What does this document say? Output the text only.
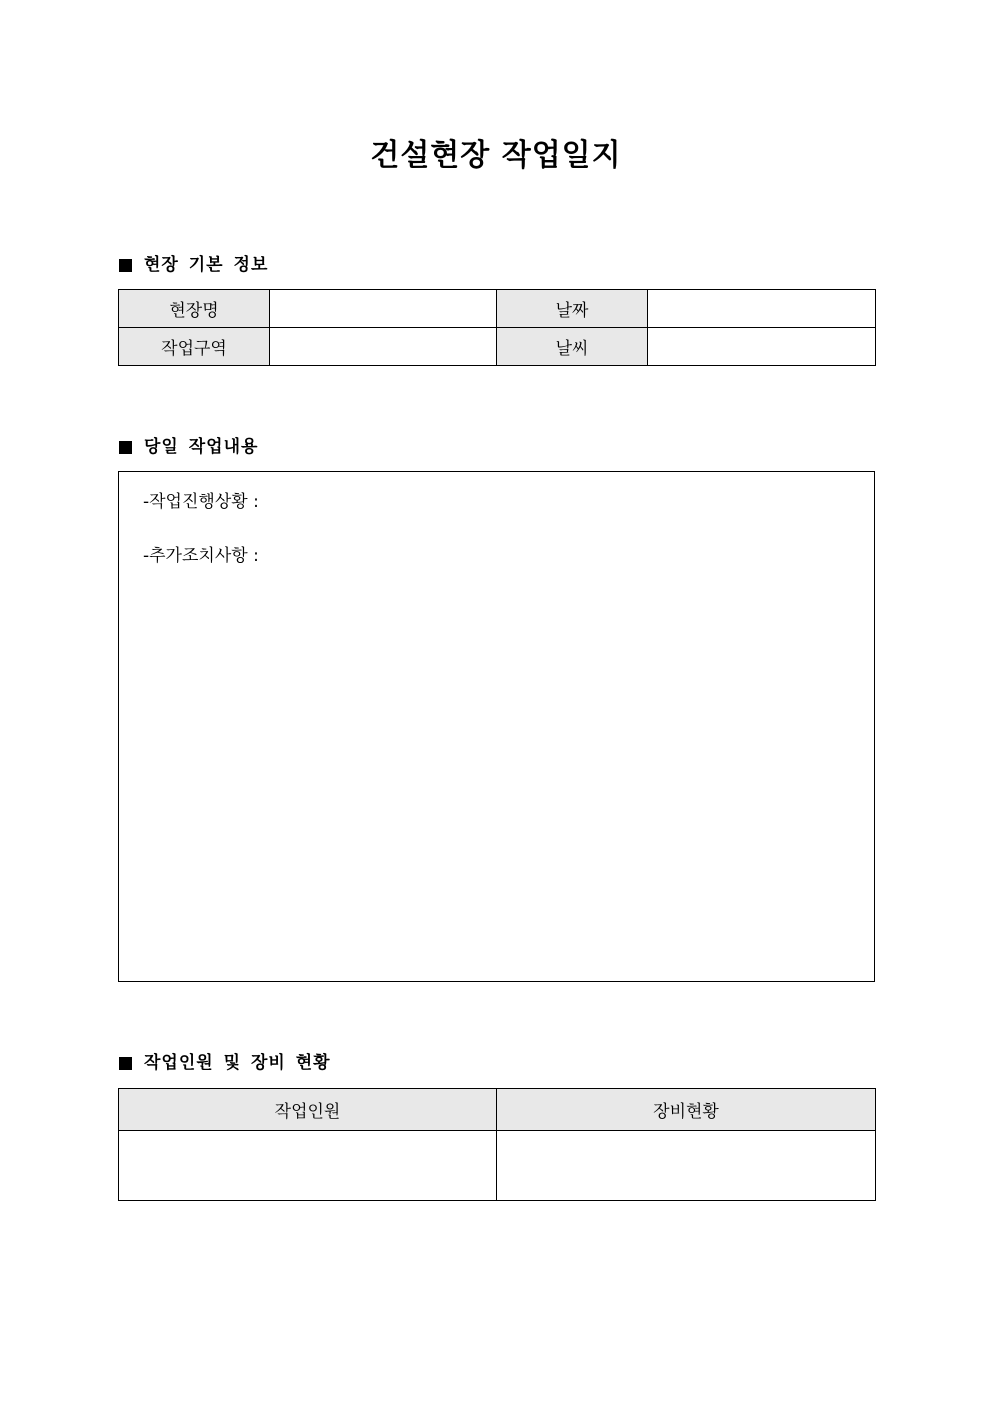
건설현장 작업일지
현장 기본 정보
현장명		날짜	
작업구역		날씨	
당일 작업내용
-작업진행상황 :
-추가조치사항 :
작업인원 및 장비 현황
작업인원	장비현황
